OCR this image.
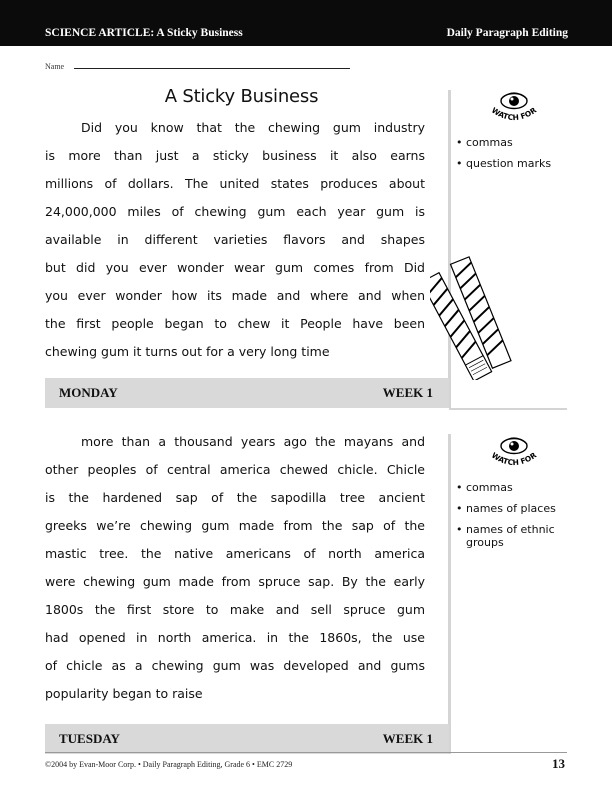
SCIENCE ARTICLE: A Sticky Business	Daily Paragraph Editing
Name
A Sticky Business
Did you know that the chewing gum industry
is more than just a sticky business it also earns
millions of dollars. The united states produces about
24,000,000 miles of chewing gum each year gum is
available in different varieties flavors and shapes
but did you ever wonder wear gum comes from Did
you ever wonder how its made and where and when
the first people began to chew it People have been
chewing gum it turns out for a very long time
WATCH FOR
• commas
• question marks
MONDAY	WEEK 1
more than a thousand years ago the mayans and
other peoples of central america chewed chicle. Chicle
is the hardened sap of the sapodilla tree ancient
greeks we’re chewing gum made from the sap of the
mastic tree. the native americans of north america
were chewing gum made from spruce sap. By the early
1800s the first store to make and sell spruce gum
had opened in north america. in the 1860s, the use
of chicle as a chewing gum was developed and gums
popularity began to raise
WATCH FOR
• commas
• names of places
• names of ethnic groups
TUESDAY	WEEK 1
©2004 by Evan-Moor Corp. • Daily Paragraph Editing, Grade 6 • EMC 2729	13
